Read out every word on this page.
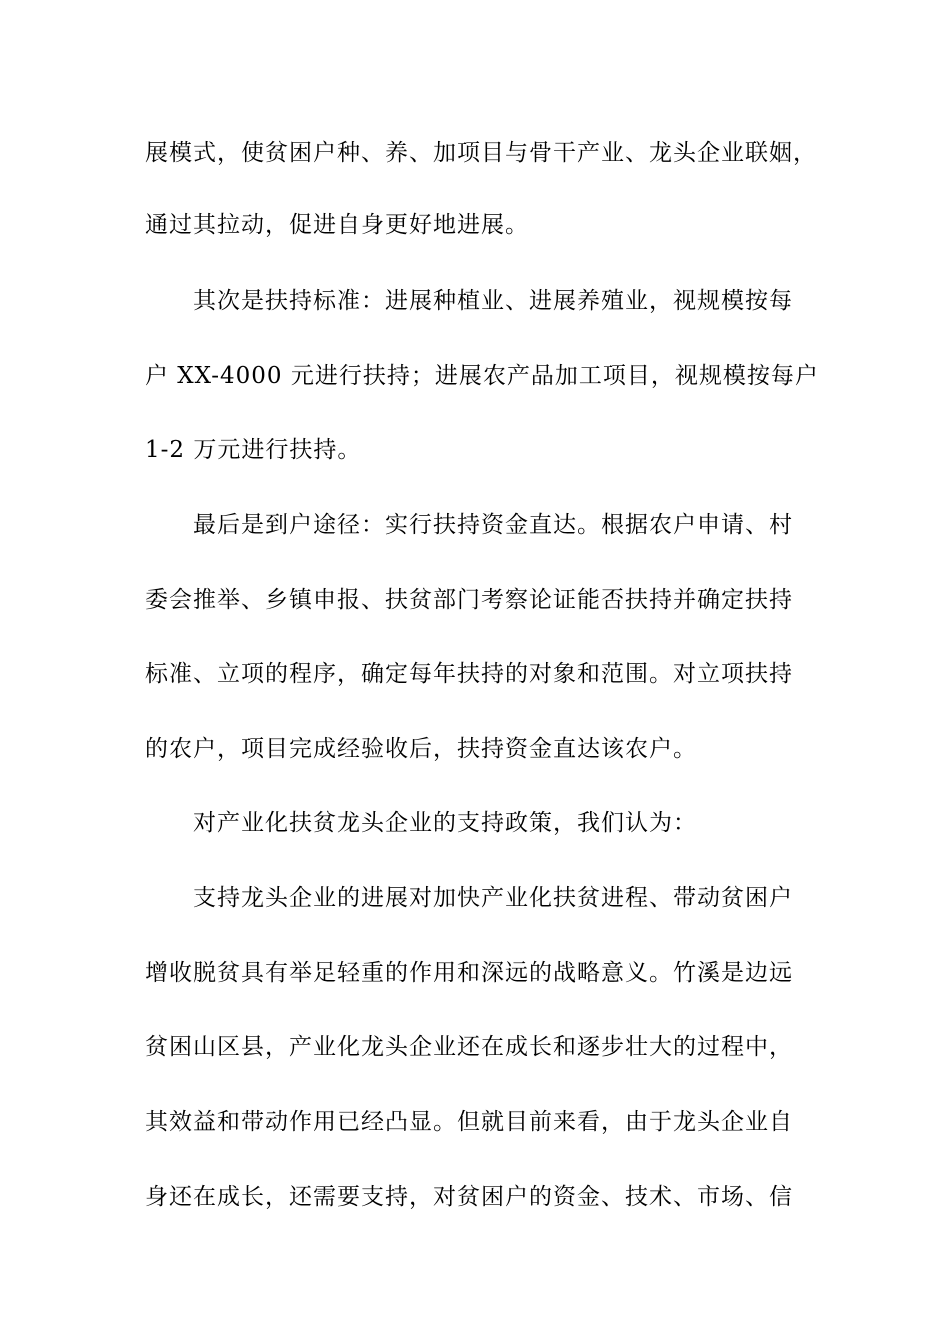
展模式，使贫困户种、养、加项目与骨干产业、龙头企业联姻，
通过其拉动，促进自身更好地进展。
其次是扶持标准：进展种植业、进展养殖业，视规模按每
户 XX-4000 元进行扶持；进展农产品加工项目，视规模按每户
1-2 万元进行扶持。
最后是到户途径：实行扶持资金直达。根据农户申请、村
委会推举、乡镇申报、扶贫部门考察论证能否扶持并确定扶持
标准、立项的程序，确定每年扶持的对象和范围。对立项扶持
的农户，项目完成经验收后，扶持资金直达该农户。
对产业化扶贫龙头企业的支持政策，我们认为：
支持龙头企业的进展对加快产业化扶贫进程、带动贫困户
增收脱贫具有举足轻重的作用和深远的战略意义。竹溪是边远
贫困山区县，产业化龙头企业还在成长和逐步壮大的过程中，
其效益和带动作用已经凸显。但就目前来看，由于龙头企业自
身还在成长，还需要支持，对贫困户的资金、技术、市场、信
